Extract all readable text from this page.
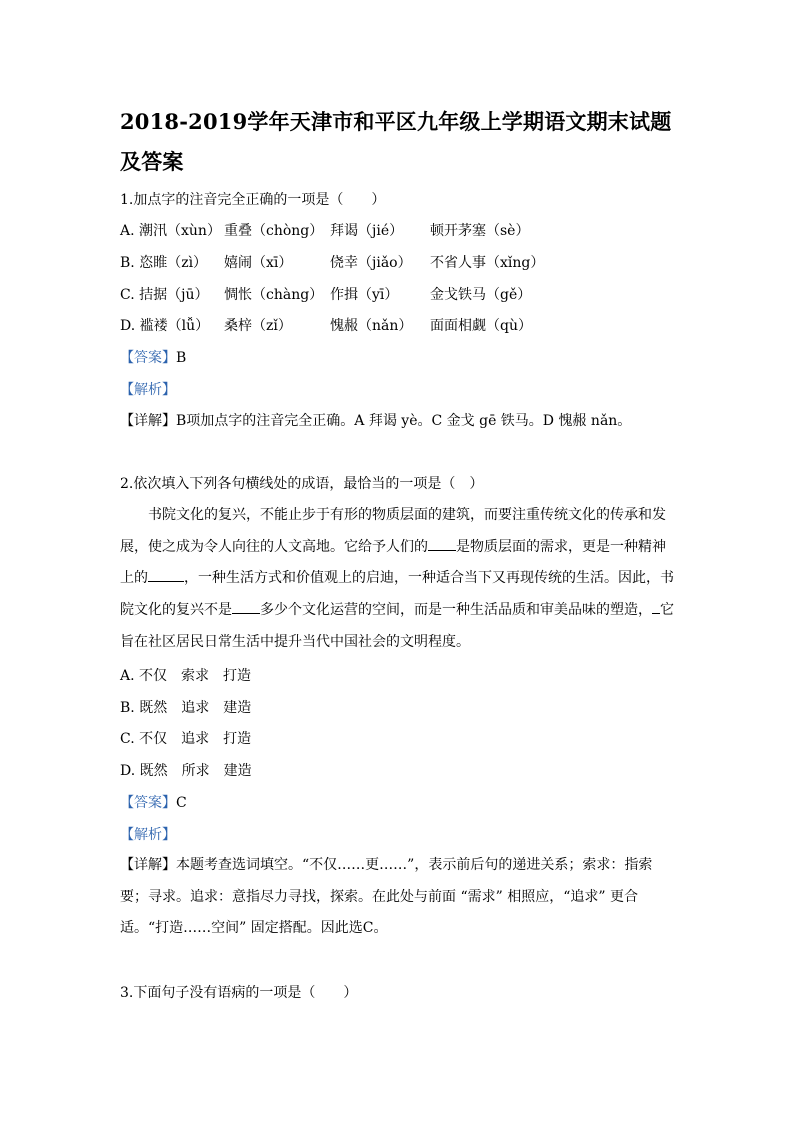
2018-2019学年天津市和平区九年级上学期语文期末试题及答案
1.加点字的注音完全正确的一项是（　　）
A. 潮汛（xùn） 重叠（chòng） 拜谒（jié） 顿开茅塞（sè）
B. 恣睢（zì） 嬉闹（xī）	侥幸（jiǎo） 不省人事（xǐng）
C. 拮据（jū） 惆怅（chàng） 作揖（yī） 金戈铁马（gě）
D. 褴褛（lǚ） 桑梓（zǐ）	愧赧（nǎn） 面面相觑（qù）
【答案】B
【解析】
【详解】B项加点字的注音完全正确。A 拜谒 yè。C 金戈 gē 铁马。D 愧赧 nǎn。
2.依次填入下列各句横线处的成语，最恰当的一项是（　）
书院文化的复兴，不能止步于有形的物质层面的建筑，而要注重传统文化的传承和发展，使之成为令人向往的人文高地。它给予人们的 是物质层面的需求，更是一种精神上的	，一种生活方式和价值观上的启迪，一种适合当下又再现传统的生活。因此，书院文化的复兴不是 多少个文化运营的空间，而是一种生活品质和审美品味的塑造， 它旨在社区居民日常生活中提升当代中国社会的文明程度。
A. 不仅　 索求　 打造
B. 既然　 追求　 建造
C. 不仅　 追求　 打造
D. 既然　 所求　 建造
【答案】C
【解析】
【详解】本题考查选词填空。“不仅……更……”，表示前后句的递进关系；索求：指索要；寻求。追求：意指尽力寻找，探索。在此处与前面 “需求” 相照应，“追求” 更合适。“打造……空间” 固定搭配。因此选C。
3.下面句子没有语病的一项是（　　）
